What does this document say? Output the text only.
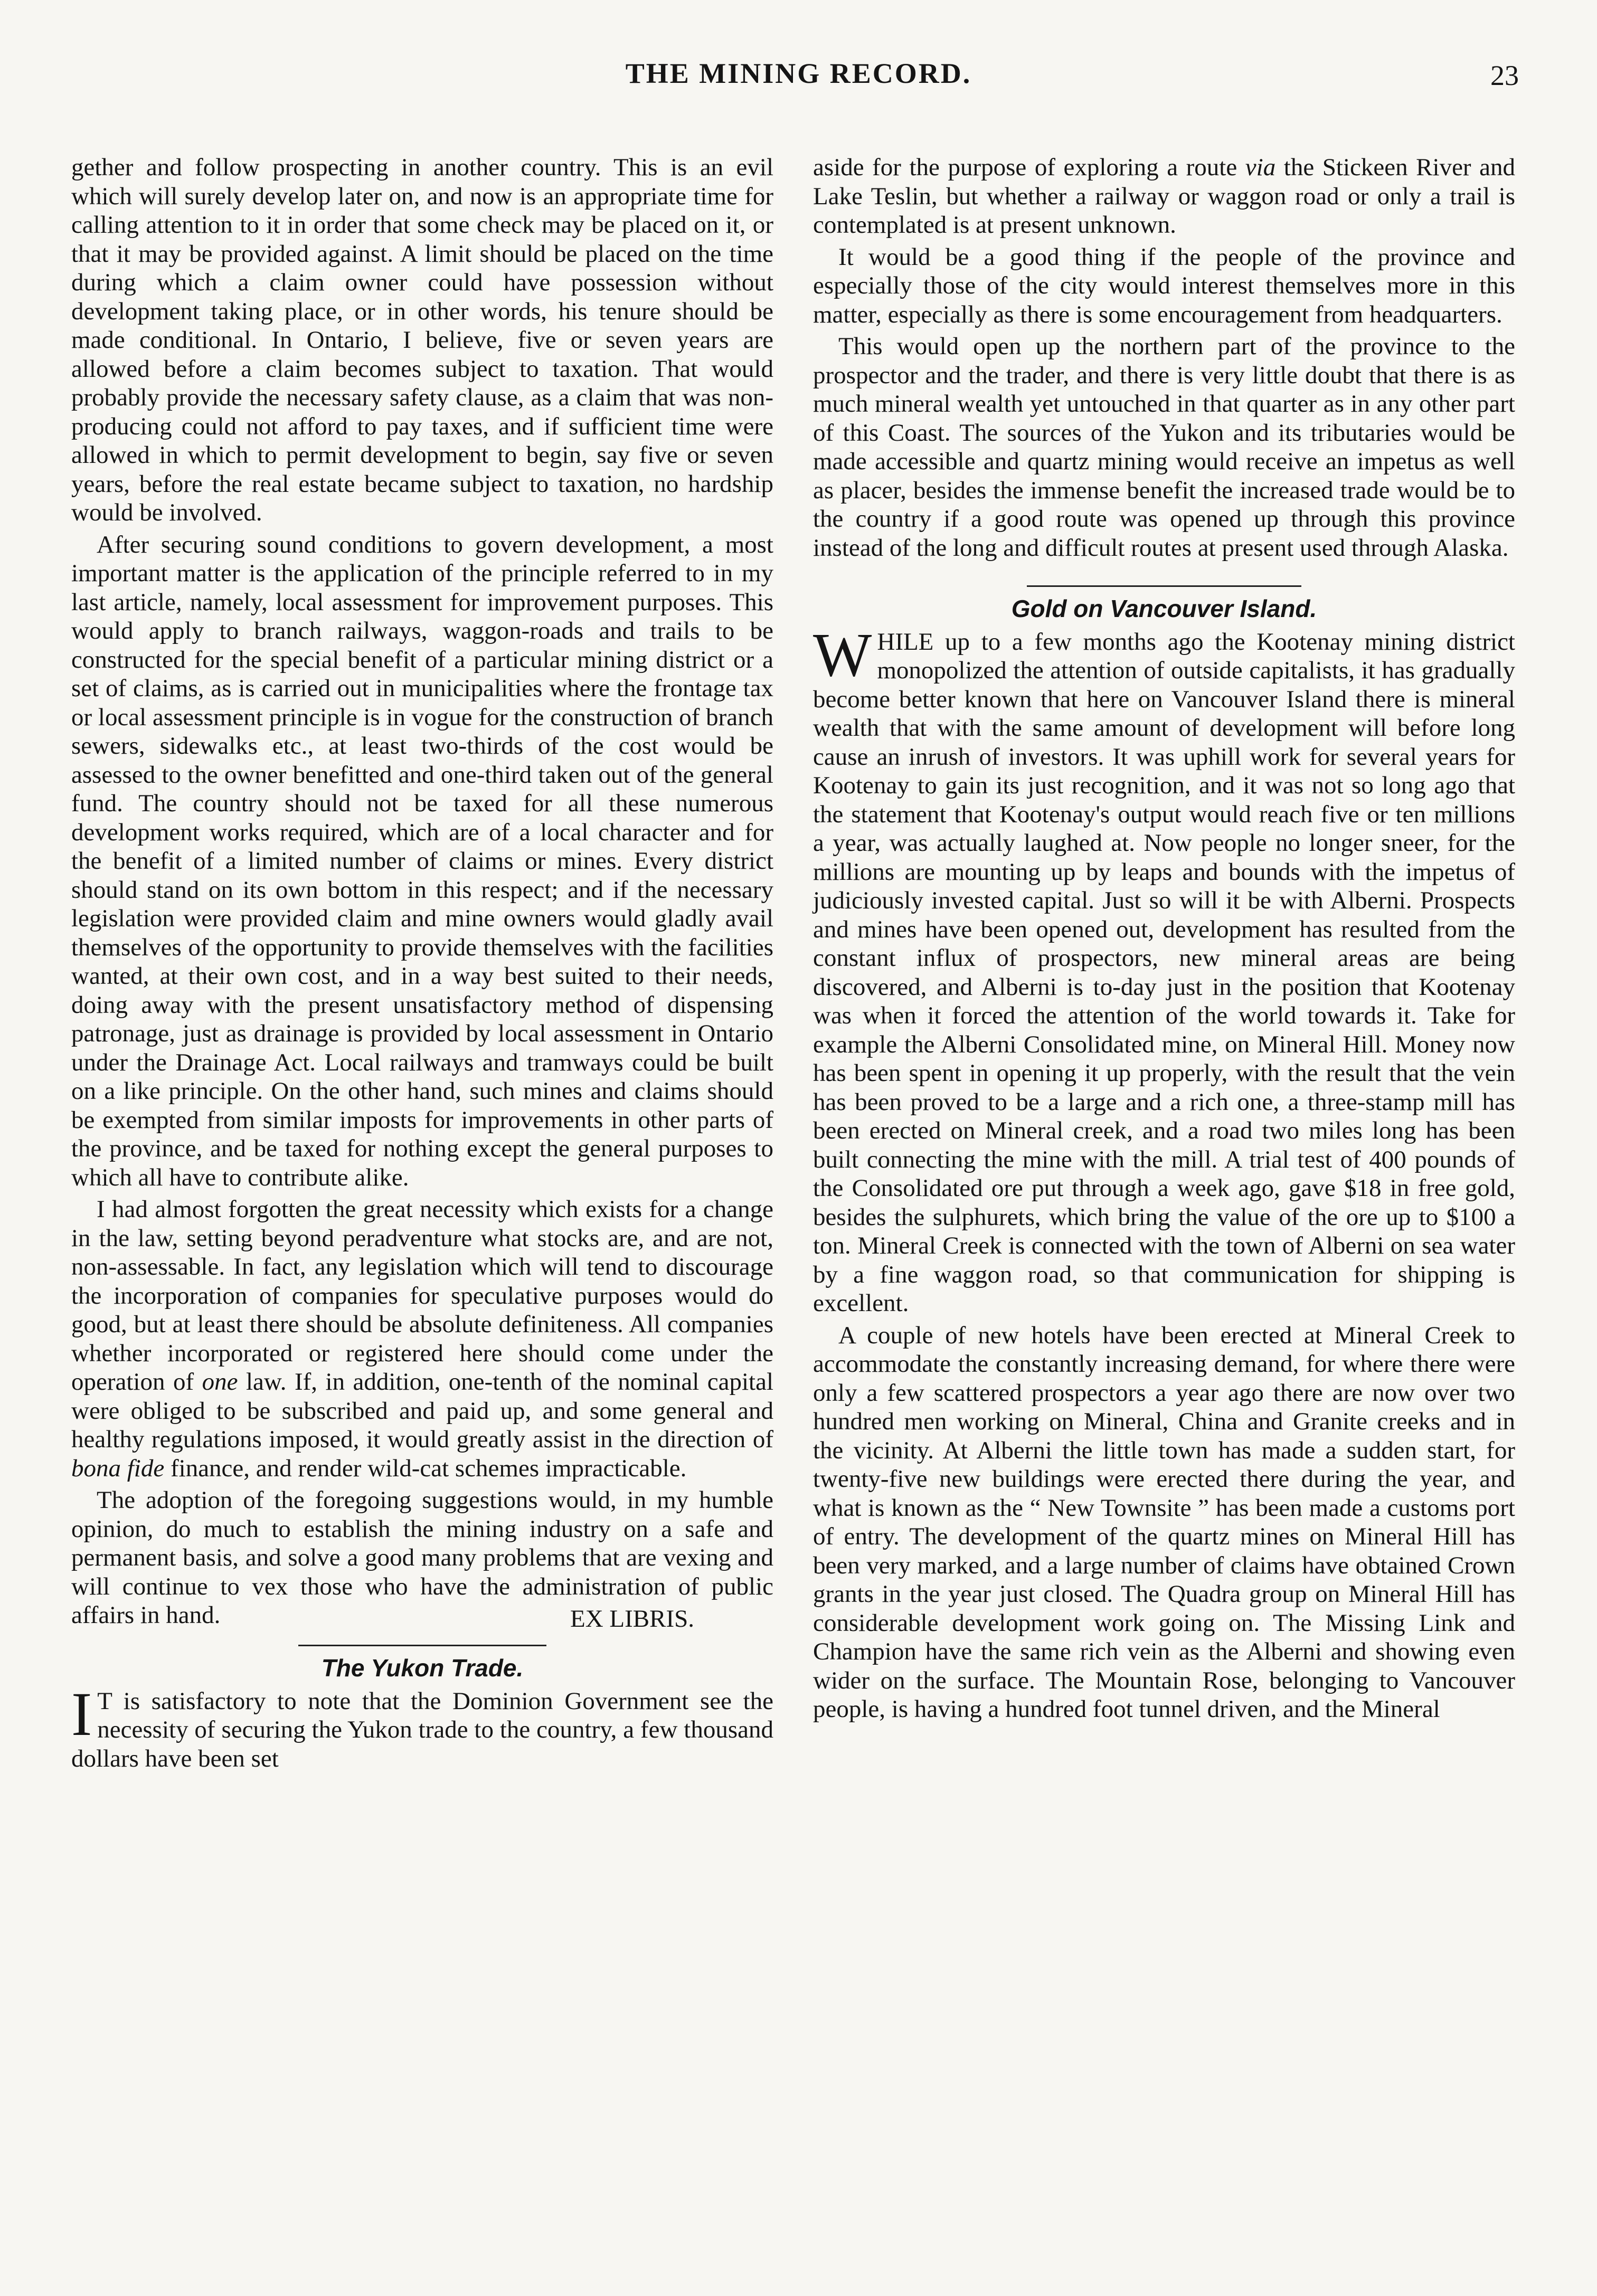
THE MINING RECORD.	23

gether and follow prospecting in another country. This is an evil which will surely develop later on, and now is an appropriate time for calling attention to it in order that some check may be placed on it, or that it may be provided against. A limit should be placed on the time during which a claim owner could have possession without development taking place, or in other words, his tenure should be made conditional. In Ontario, I believe, five or seven years are allowed before a claim becomes subject to taxation. That would probably provide the necessary safety clause, as a claim that was non-producing could not afford to pay taxes, and if sufficient time were allowed in which to permit development to begin, say five or seven years, before the real estate became subject to taxation, no hardship would be involved.

After securing sound conditions to govern development, a most important matter is the application of the principle referred to in my last article, namely, local assessment for improvement purposes. This would apply to branch railways, waggon-roads and trails to be constructed for the special benefit of a particular mining district or a set of claims, as is carried out in municipalities where the frontage tax or local assessment principle is in vogue for the construction of branch sewers, sidewalks etc., at least two-thirds of the cost would be assessed to the owner benefitted and one-third taken out of the general fund. The country should not be taxed for all these numerous development works required, which are of a local character and for the benefit of a limited number of claims or mines. Every district should stand on its own bottom in this respect; and if the necessary legislation were provided claim and mine owners would gladly avail themselves of the opportunity to provide themselves with the facilities wanted, at their own cost, and in a way best suited to their needs, doing away with the present unsatisfactory method of dispensing patronage, just as drainage is provided by local assessment in Ontario under the Drainage Act. Local railways and tramways could be built on a like principle. On the other hand, such mines and claims should be exempted from similar imposts for improvements in other parts of the province, and be taxed for nothing except the general purposes to which all have to contribute alike.

I had almost forgotten the great necessity which exists for a change in the law, setting beyond peradventure what stocks are, and are not, non-assessable. In fact, any legislation which will tend to discourage the incorporation of companies for speculative purposes would do good, but at least there should be absolute definiteness. All companies whether incorporated or registered here should come under the operation of one law. If, in addition, one-tenth of the nominal capital were obliged to be subscribed and paid up, and some general and healthy regulations imposed, it would greatly assist in the direction of bona fide finance, and render wild-cat schemes impracticable.

The adoption of the foregoing suggestions would, in my humble opinion, do much to establish the mining industry on a safe and permanent basis, and solve a good many problems that are vexing and will continue to vex those who have the administration of public affairs in hand.	EX LIBRIS.
The Yukon Trade.

I T is satisfactory to note that the Dominion Government see the necessity of securing the Yukon trade to the country, a few thousand dollars have been set

aside for the purpose of exploring a route via the Stickeen River and Lake Teslin, but whether a railway or waggon road or only a trail is contemplated is at present unknown.

It would be a good thing if the people of the province and especially those of the city would interest themselves more in this matter, especially as there is some encouragement from headquarters.

This would open up the northern part of the province to the prospector and the trader, and there is very little doubt that there is as much mineral wealth yet untouched in that quarter as in any other part of this Coast. The sources of the Yukon and its tributaries would be made accessible and quartz mining would receive an impetus as well as placer, besides the immense benefit the increased trade would be to the country if a good route was opened up through this province instead of the long and difficult routes at present used through Alaska.

Gold on Vancouver Island.

WHILE up to a few months ago the Kootenay mining district monopolized the attention of outside capitalists, it has gradually become better known that here on Vancouver Island there is mineral wealth that with the same amount of development will before long cause an inrush of investors. It was uphill work for several years for Kootenay to gain its just recognition, and it was not so long ago that the statement that Kootenay's output would reach five or ten millions a year, was actually laughed at. Now people no longer sneer, for the millions are mounting up by leaps and bounds with the impetus of judiciously invested capital. Just so will it be with Alberni. Prospects and mines have been opened out, development has resulted from the constant influx of prospectors, new mineral areas are being discovered, and Alberni is to-day just in the position that Kootenay was when it forced the attention of the world towards it. Take for example the Alberni Consolidated mine, on Mineral Hill. Money now has been spent in opening it up properly, with the result that the vein has been proved to be a large and a rich one, a three-stamp mill has been erected on Mineral creek, and a road two miles long has been built connecting the mine with the mill. A trial test of 400 pounds of the Consolidated ore put through a week ago, gave $18 in free gold, besides the sulphurets, which bring the value of the ore up to $100 a ton. Mineral Creek is connected with the town of Alberni on sea water by a fine waggon road, so that communication for shipping is excellent.

A couple of new hotels have been erected at Mineral Creek to accommodate the constantly increasing demand, for where there were only a few scattered prospectors a year ago there are now over two hundred men working on Mineral, China and Granite creeks and in the vicinity. At Alberni the little town has made a sudden start, for twenty-five new buildings were erected there during the year, and what is known as the “ New Townsite ” has been made a customs port of entry. The development of the quartz mines on Mineral Hill has been very marked, and a large number of claims have obtained Crown grants in the year just closed. The Quadra group on Mineral Hill has considerable development work going on. The Missing Link and Champion have the same rich vein as the Alberni and showing even wider on the surface. The Mountain Rose, belonging to Vancouver people, is having a hundred foot tunnel driven, and the Mineral
